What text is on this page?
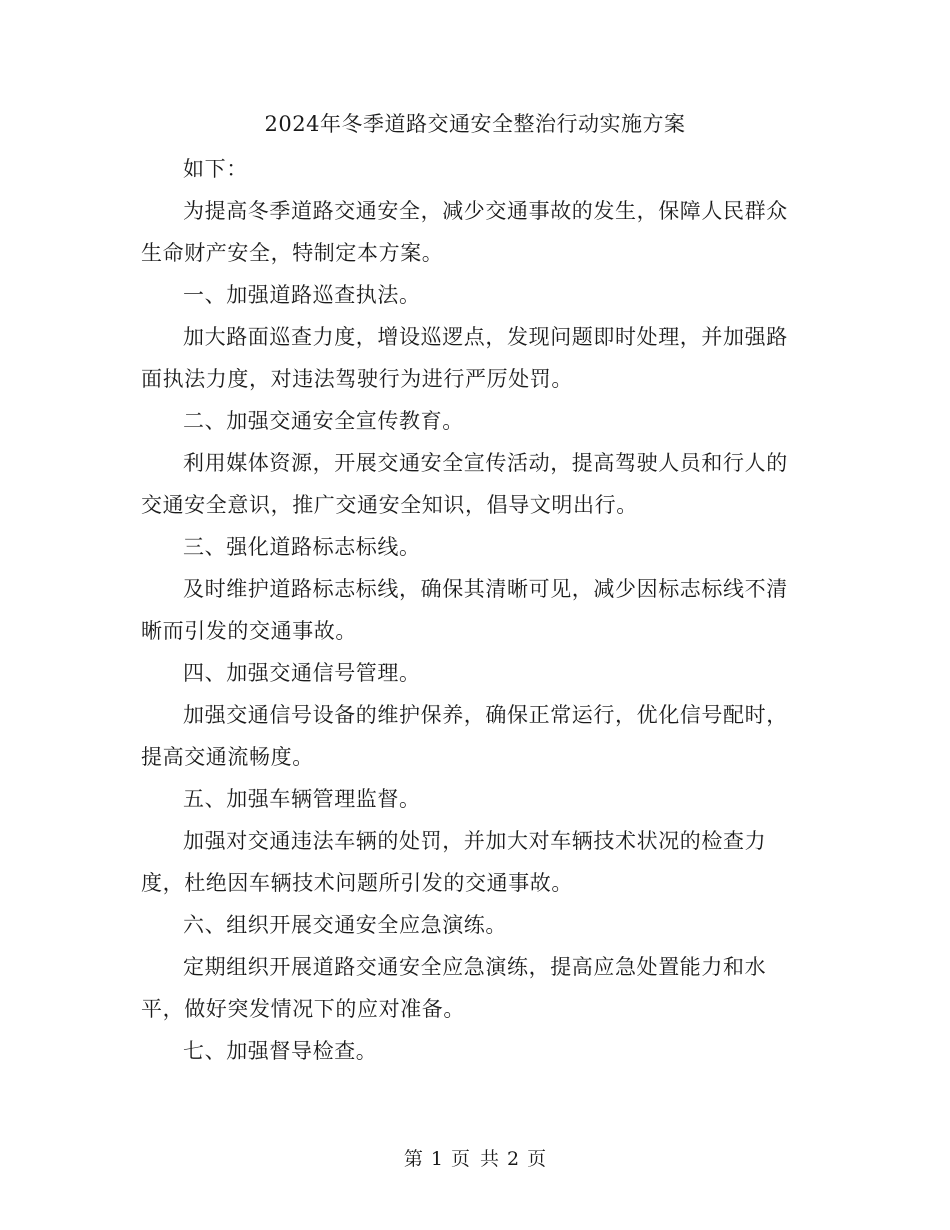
2024年冬季道路交通安全整治行动实施方案

如下：

为提高冬季道路交通安全，减少交通事故的发生，保障人民群众生命财产安全，特制定本方案。

一、加强道路巡查执法。

加大路面巡查力度，增设巡逻点，发现问题即时处理，并加强路面执法力度，对违法驾驶行为进行严厉处罚。

二、加强交通安全宣传教育。

利用媒体资源，开展交通安全宣传活动，提高驾驶人员和行人的交通安全意识，推广交通安全知识，倡导文明出行。

三、强化道路标志标线。

及时维护道路标志标线，确保其清晰可见，减少因标志标线不清晰而引发的交通事故。

四、加强交通信号管理。

加强交通信号设备的维护保养，确保正常运行，优化信号配时，提高交通流畅度。

五、加强车辆管理监督。

加强对交通违法车辆的处罚，并加大对车辆技术状况的检查力度，杜绝因车辆技术问题所引发的交通事故。

六、组织开展交通安全应急演练。

定期组织开展道路交通安全应急演练，提高应急处置能力和水平，做好突发情况下的应对准备。

七、加强督导检查。

第 1 页 共 2 页
